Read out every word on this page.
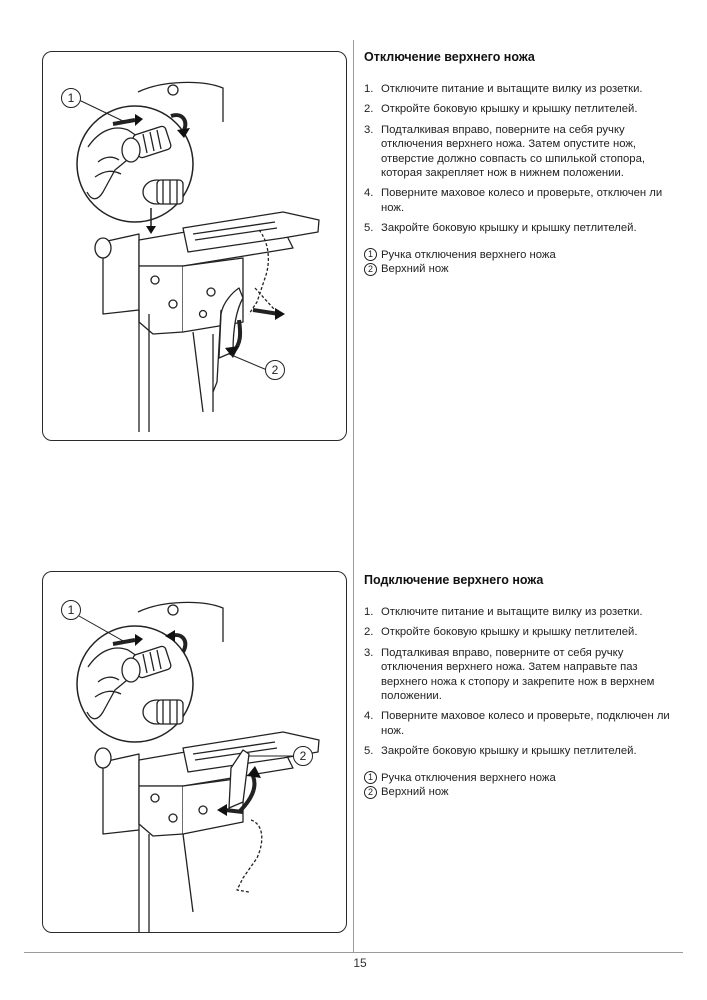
1
2
Отключение верхнего ножа
1. Отключите питание и вытащите вилку из розетки.
2. Откройте боковую крышку и крышку петлителей.
3. Подталкивая вправо, поверните на себя ручку отключения верхнего ножа. Затем опустите нож, отверстие должно совпасть со шпилькой стопора, которая закрепляет нож в нижнем положении.
4. Поверните маховое колесо и проверьте, отключен ли нож.
5. Закройте боковую крышку и крышку петлителей.
1 Ручка отключения верхнего ножа
2 Верхний нож
1
2
Подключение верхнего ножа
1. Отключите питание и вытащите вилку из розетки.
2. Откройте боковую крышку и крышку петлителей.
3. Подталкивая вправо, поверните от себя ручку отключения верхнего ножа. Затем направьте паз верхнего ножа к стопору и закрепите нож в верхнем положении.
4. Поверните маховое колесо и проверьте, подключен ли нож.
5. Закройте боковую крышку и крышку петлителей.
1 Ручка отключения верхнего ножа
2 Верхний нож
15
